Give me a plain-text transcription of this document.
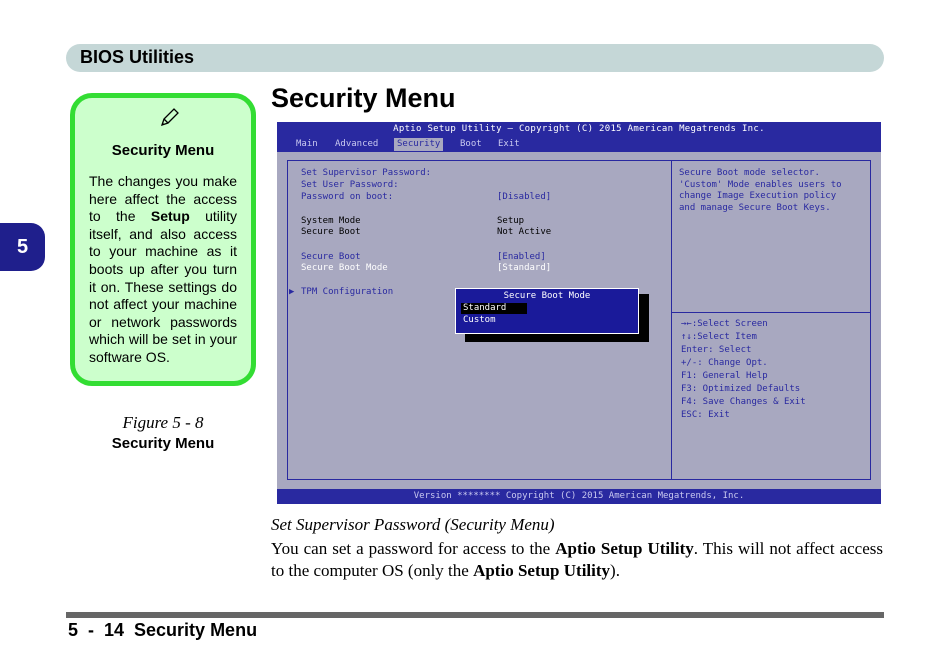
BIOS Utilities
5
Security Menu
The changes you make here affect the access to the Setup utility itself, and also access to your machine as it boots up after you turn it on. These settings do not affect your machine or network passwords which will be set in your software OS.
Figure 5 - 8
Security Menu
Security Menu
Aptio Setup Utility – Copyright (C) 2015 American Megatrends Inc.
Main	Advanced	Security	Boot	Exit
Set Supervisor Password:
Set User Password:
Password on boot:	[Disabled]
System Mode	Setup
Secure Boot	Not Active
Secure Boot	[Enabled]
Secure Boot Mode	[Standard]
▶ TPM Configuration	Secure Boot Mode
Standard
Custom
Secure Boot mode selector.
'Custom' Mode enables users to
change Image Execution policy
and manage Secure Boot Keys.
→←:Select Screen
↑↓:Select Item
Enter: Select
+/-: Change Opt.
F1: General Help
F3: Optimized Defaults
F4: Save Changes & Exit
ESC: Exit
Version ******** Copyright (C) 2015 American Megatrends, Inc.
Set Supervisor Password (Security Menu)
You can set a password for access to the Aptio Setup Utility. This will not affect access to the computer OS (only the Aptio Setup Utility).
5  -  14  Security Menu
